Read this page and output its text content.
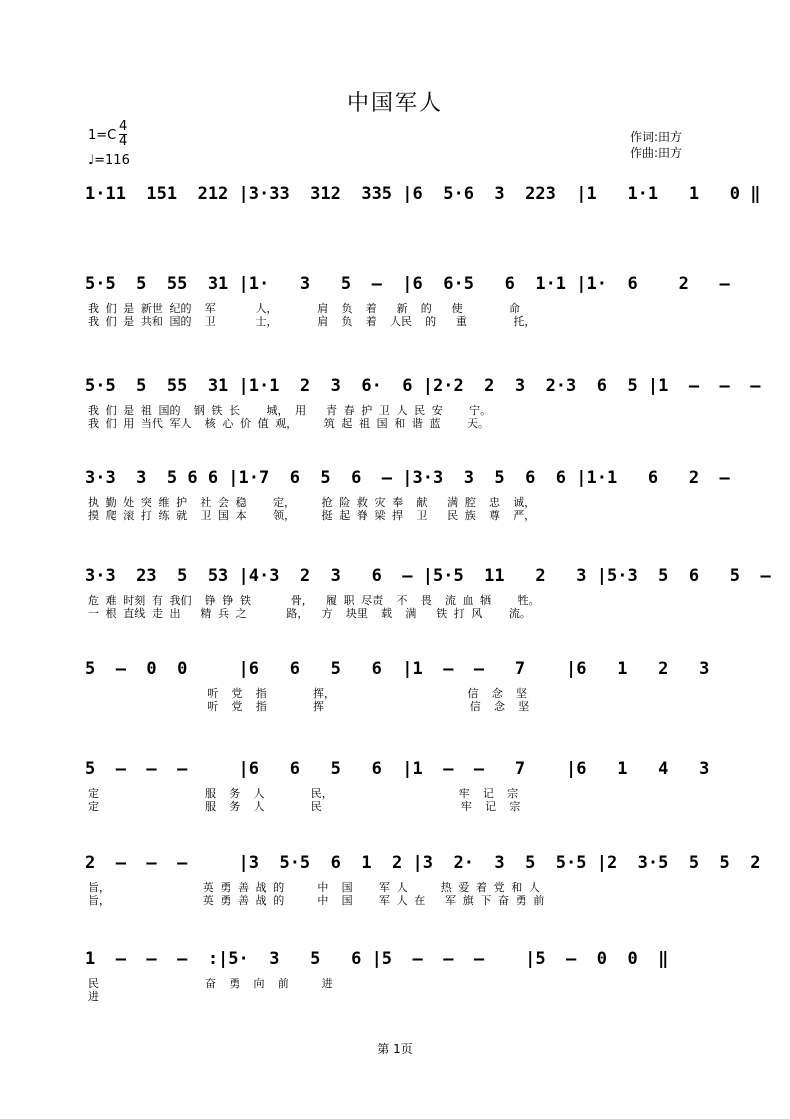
中国军人
1=C
4
4
♩=116
作词:田方
作曲:田方
1·11  151  212 |3·33  312  335 |6  5·6  3  223  |1   1·1   1   0 ‖
5·5  5  55  31 |1·   3   5  –  |6  6·5   6  1·1 |1·  6    2   –
我 们 是 新世 纪的  军      人，      肩  负  着   新  的   使       命
我 们 是 共和 国的  卫      士，      肩  负  着  人民  的   重       托，
5·5  5  55  31 |1·1  2  3  6·  6 |2·2  2  3  2·3  6  5 |1  –  –  –
我 们 是 祖 国的  钢 铁 长    城， 用   青 春 护 卫 人 民 安    宁。
我 们 用 当代 军人  核 心 价 值 观，    筑 起 祖 国 和 谐 蓝    天。
3·3  3  5 6 6 |1·7  6  5  6  – |3·3  3  5  6  6 |1·1   6   2  –
执 勤 处 突 维 护  社 会 稳    定，    抢 险 救 灾 奉  献   满 腔  忠  诚，
摸 爬 滚 打 练 就  卫 国 本    领，    挺 起 脊 梁 捍  卫   民 族  尊  严，
3·3  23  5  53 |4·3  2  3   6  – |5·5  11   2   3 |5·3  5  6   5  –
危 难 时刻 有 我们  铮 铮 铁      骨，  履 职 尽责  不  畏  流 血 牺    牲。
一 根 直线 走 出   精 兵 之      路，  方  块里  载  满   铁 打 风    流。
5  –  0  0     |6   6   5   6  |1  –  –   7    |6   1   2   3
听  党  指       挥，                    信  念  坚
听  党  指       挥                      信  念  坚
5  –  –  –     |6   6   5   6  |1  –  –   7    |6   1   4   3
定                服  务  人       民，                   牢  记  宗
定                服  务  人       民                     牢  记  宗
2  –  –  –     |3  5·5  6  1  2 |3  2·  3  5  5·5 |2  3·5  5  5  2
旨，              英 勇 善 战 的     中  国    军 人     热 爱 着 党 和 人
旨，              英 勇 善 战 的     中  国    军 人 在   军 旗 下 奋 勇 前
1  –  –  –  :|5·  3   5   6 |5  –  –  –    |5  –  0  0  ‖
民                奋  勇  向  前     进
进
第 1页
